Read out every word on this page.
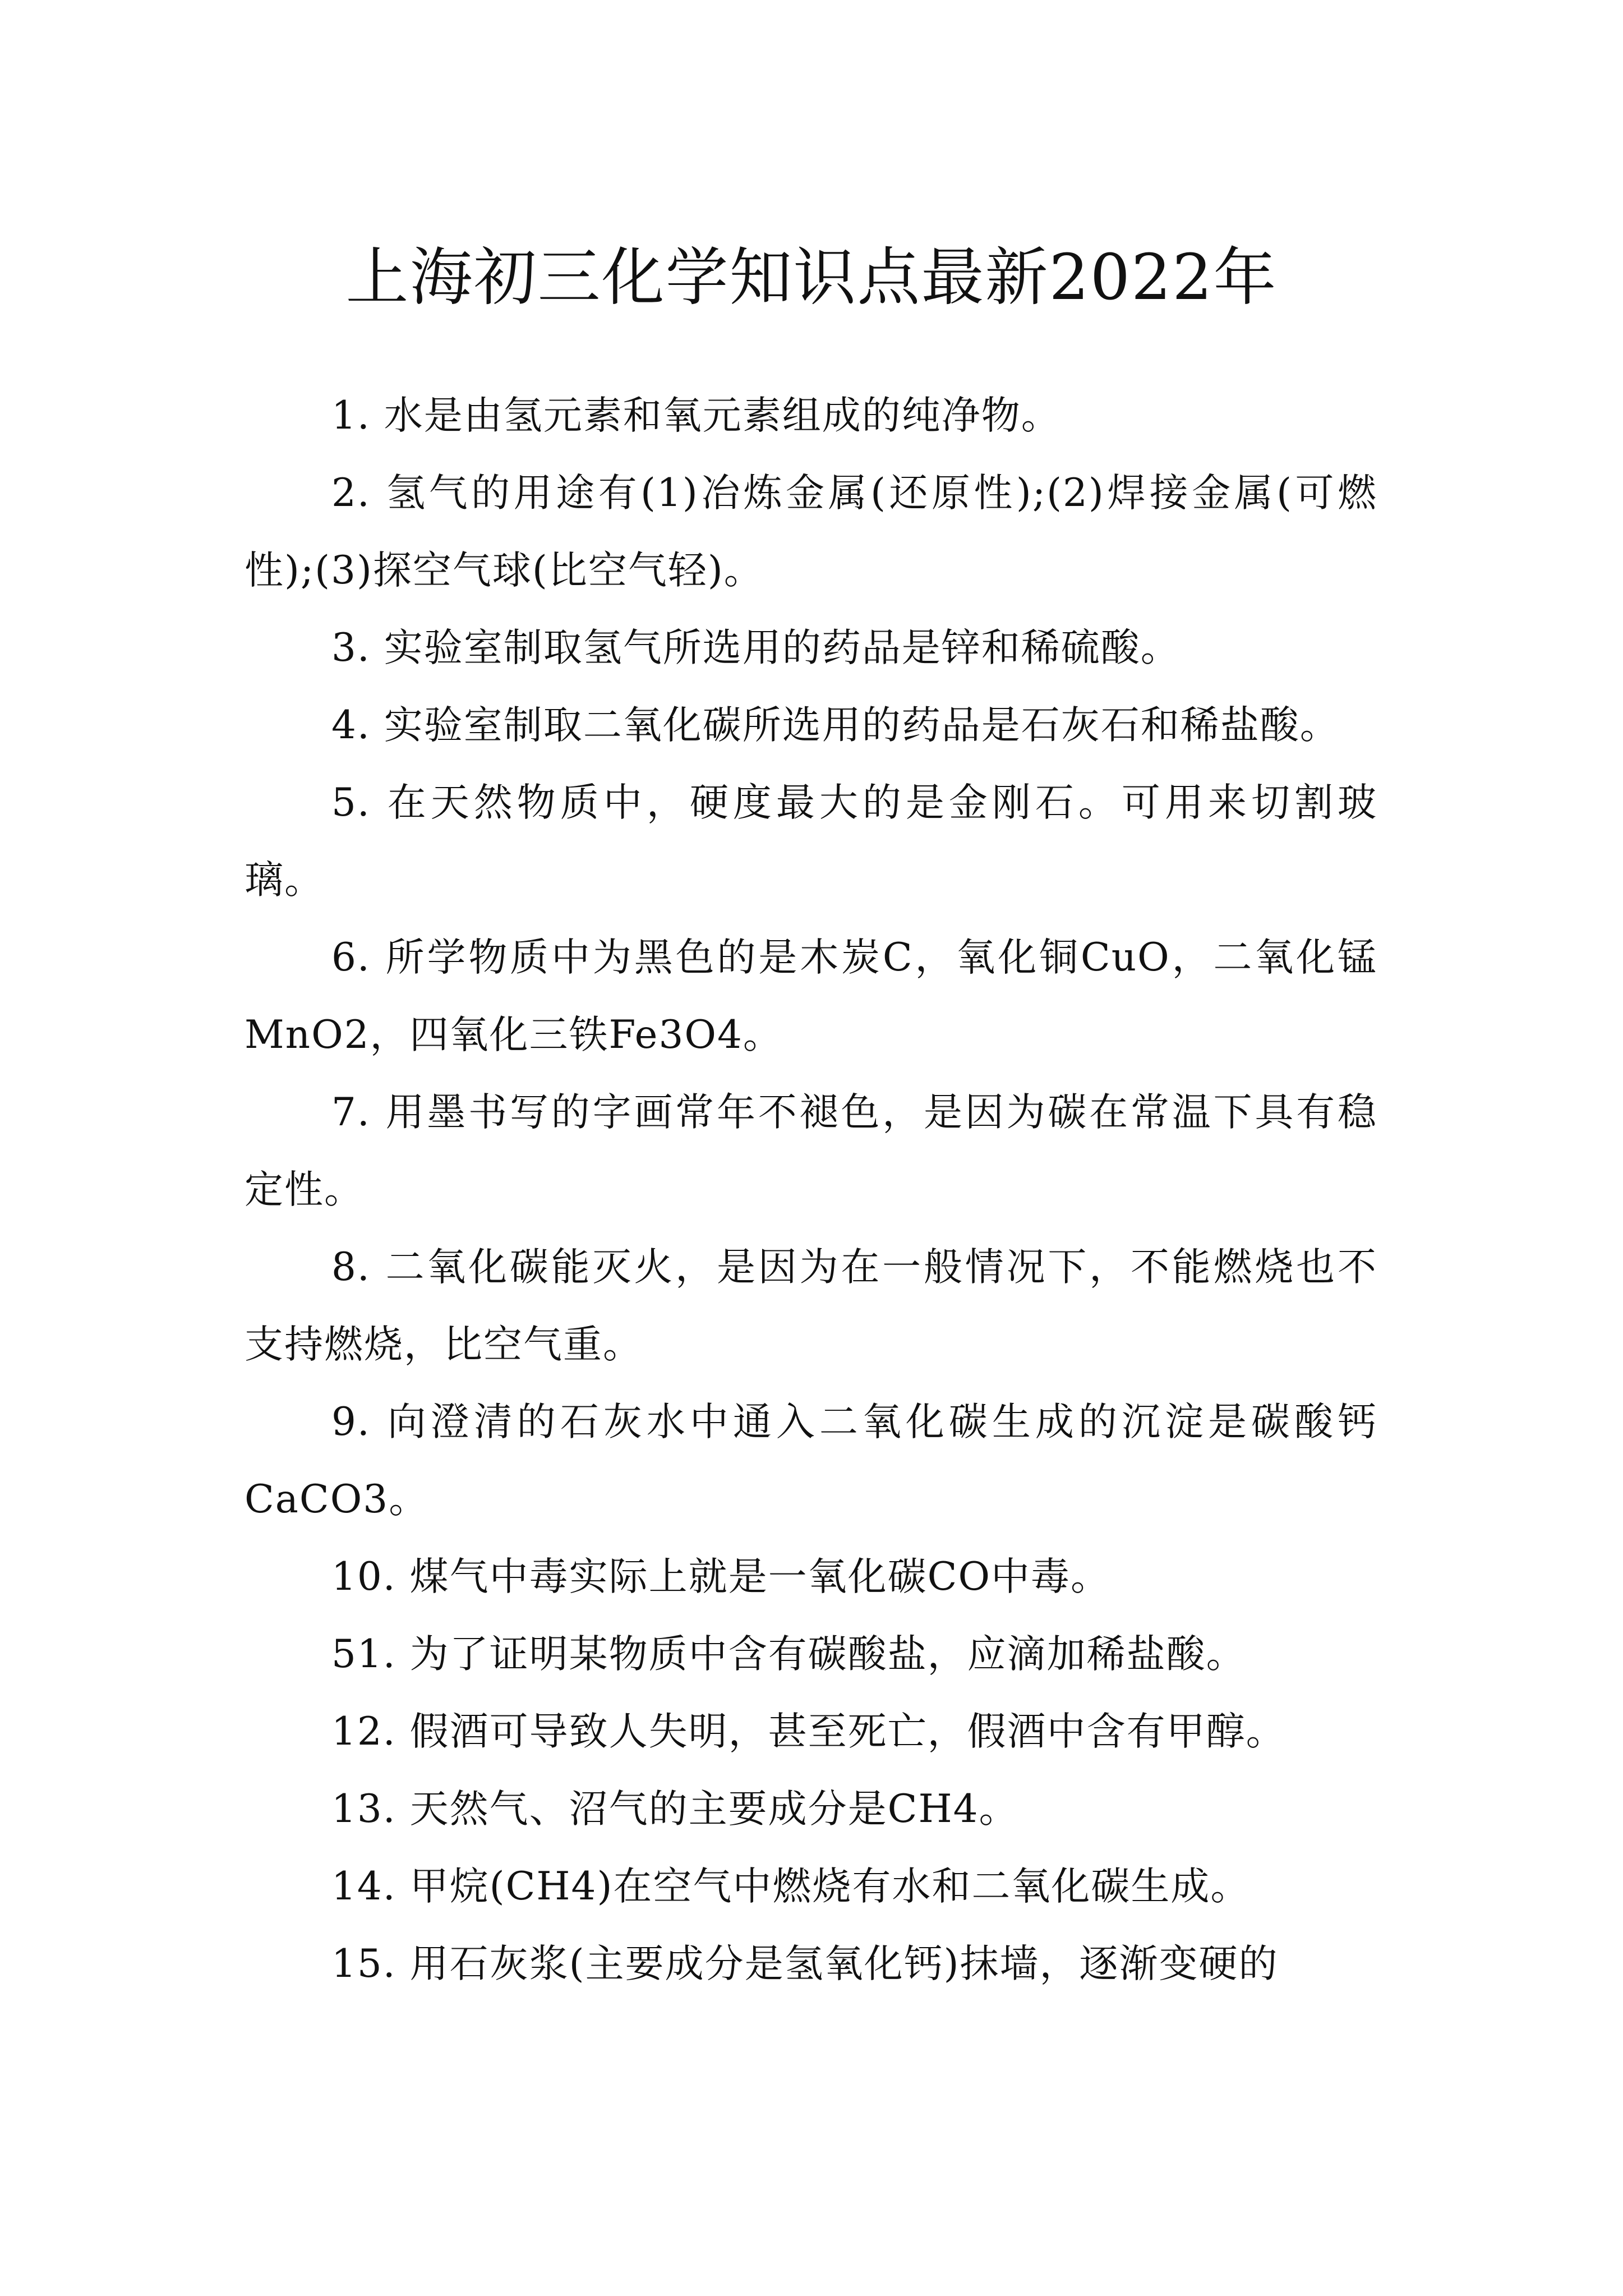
上海初三化学知识点最新2022年

1. 水是由氢元素和氧元素组成的纯净物。

2. 氢气的用途有(1)冶炼金属(还原性);(2)焊接金属(可燃性);(3)探空气球(比空气轻)。

3. 实验室制取氢气所选用的药品是锌和稀硫酸。

4. 实验室制取二氧化碳所选用的药品是石灰石和稀盐酸。

5. 在天然物质中，硬度最大的是金刚石。可用来切割玻璃。

6. 所学物质中为黑色的是木炭C，氧化铜CuO，二氧化锰MnO2，四氧化三铁Fe3O4。

7. 用墨书写的字画常年不褪色，是因为碳在常温下具有稳定性。

8. 二氧化碳能灭火，是因为在一般情况下，不能燃烧也不支持燃烧，比空气重。

9. 向澄清的石灰水中通入二氧化碳生成的沉淀是碳酸钙CaCO3。

10. 煤气中毒实际上就是一氧化碳CO中毒。

51. 为了证明某物质中含有碳酸盐，应滴加稀盐酸。

12. 假酒可导致人失明，甚至死亡，假酒中含有甲醇。

13. 天然气、沼气的主要成分是CH4。

14. 甲烷(CH4)在空气中燃烧有水和二氧化碳生成。

15. 用石灰浆(主要成分是氢氧化钙)抹墙，逐渐变硬的
